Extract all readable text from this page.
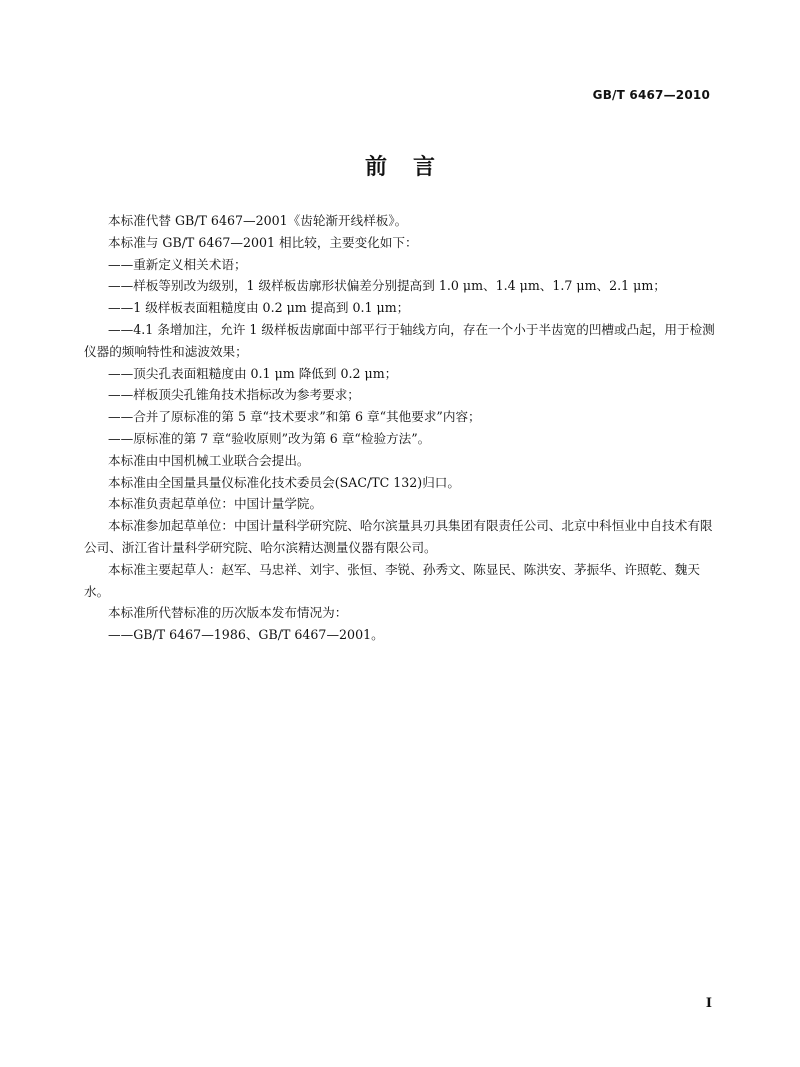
GB/T 6467—2010
前言

本标准代替 GB/T 6467—2001《齿轮渐开线样板》。

本标准与 GB/T 6467—2001 相比较，主要变化如下：

——重新定义相关术语；

——样板等别改为级别，1 级样板齿廓形状偏差分别提高到 1.0 μm、1.4 μm、1.7 μm、2.1 μm；

——1 级样板表面粗糙度由 0.2 μm 提高到 0.1 μm；

——4.1 条增加注，允许 1 级样板齿廓面中部平行于轴线方向，存在一个小于半齿宽的凹槽或凸起，用于检测仪器的频响特性和滤波效果；

——顶尖孔表面粗糙度由 0.1 μm 降低到 0.2 μm；

——样板顶尖孔锥角技术指标改为参考要求；

——合并了原标准的第 5 章“技术要求”和第 6 章“其他要求”内容；

——原标准的第 7 章“验收原则”改为第 6 章“检验方法”。

本标准由中国机械工业联合会提出。

本标准由全国量具量仪标准化技术委员会(SAC/TC 132)归口。

本标准负责起草单位：中国计量学院。

本标准参加起草单位：中国计量科学研究院、哈尔滨量具刃具集团有限责任公司、北京中科恒业中自技术有限公司、浙江省计量科学研究院、哈尔滨精达测量仪器有限公司。

本标准主要起草人：赵军、马忠祥、刘宇、张恒、李锐、孙秀文、陈显民、陈洪安、茅振华、许照乾、魏天水。

本标准所代替标准的历次版本发布情况为：

——GB/T 6467—1986、GB/T 6467—2001。

I
